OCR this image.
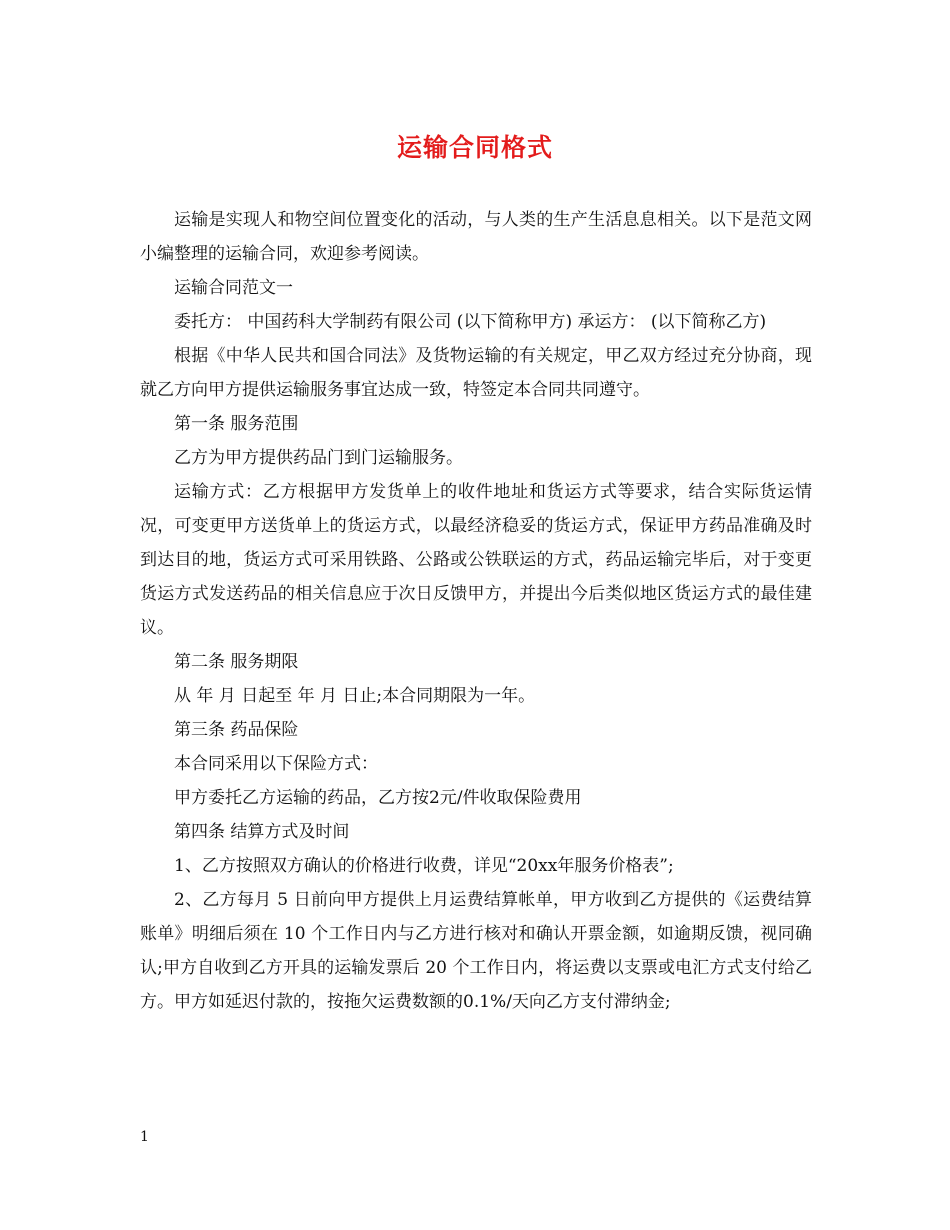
运输合同格式

运输是实现人和物空间位置变化的活动，与人类的生产生活息息相关。以下是范文网小编整理的运输合同，欢迎参考阅读。

运输合同范文一

委托方： 中国药科大学制药有限公司 (以下简称甲方) 承运方： (以下简称乙方)

根据《中华人民共和国合同法》及货物运输的有关规定，甲乙双方经过充分协商，现就乙方向甲方提供运输服务事宜达成一致，特签定本合同共同遵守。

第一条 服务范围

乙方为甲方提供药品门到门运输服务。

运输方式：乙方根据甲方发货单上的收件地址和货运方式等要求，结合实际货运情况，可变更甲方送货单上的货运方式，以最经济稳妥的货运方式，保证甲方药品准确及时到达目的地，货运方式可采用铁路、公路或公铁联运的方式，药品运输完毕后，对于变更货运方式发送药品的相关信息应于次日反馈甲方，并提出今后类似地区货运方式的最佳建议。

第二条 服务期限

从 年 月 日起至 年 月 日止;本合同期限为一年。

第三条 药品保险

本合同采用以下保险方式：

甲方委托乙方运输的药品，乙方按2元/件收取保险费用

第四条 结算方式及时间

1、乙方按照双方确认的价格进行收费，详见“20xx年服务价格表”;

2、乙方每月 5 日前向甲方提供上月运费结算帐单，甲方收到乙方提供的《运费结算账单》明细后须在 10 个工作日内与乙方进行核对和确认开票金额，如逾期反馈，视同确认;甲方自收到乙方开具的运输发票后 20 个工作日内，将运费以支票或电汇方式支付给乙方。甲方如延迟付款的，按拖欠运费数额的0.1%/天向乙方支付滞纳金;

1
